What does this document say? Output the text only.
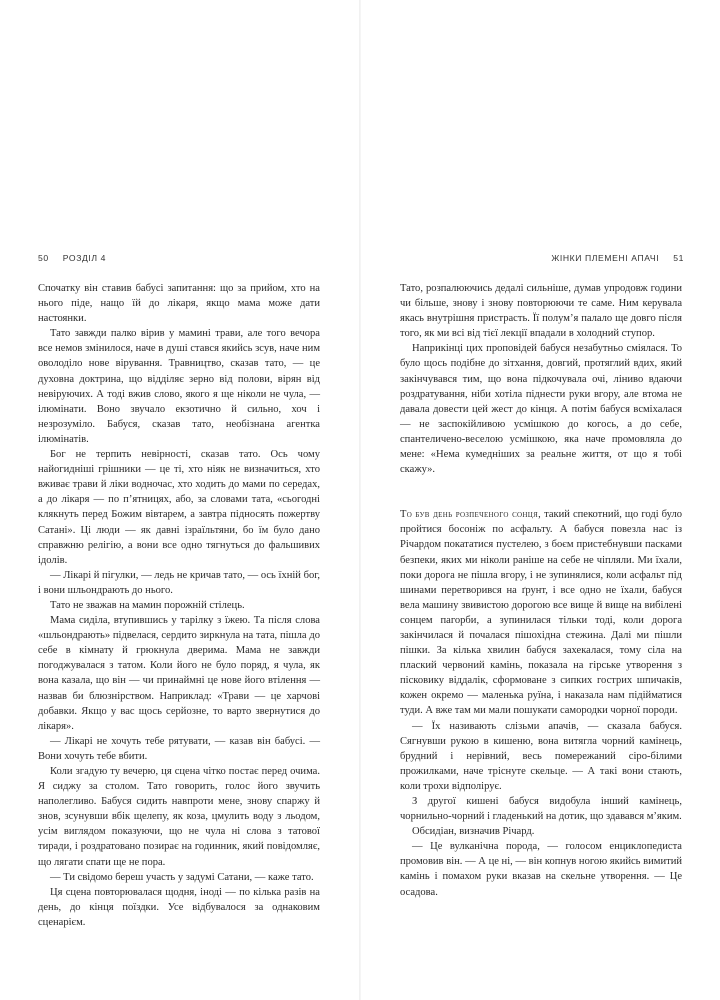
50 РОЗДІЛ 4

Спочатку він ставив бабусі запитання: що за прийом, хто на нього піде, нащо їй до лікаря, якщо мама може дати настоянки.

Тато завжди палко вірив у мамині трави, але того вечора все немов змінилося, наче в душі стався якийсь зсув, наче ним оволоділо нове вірування. Травництво, сказав тато, — це духовна доктрина, що відділяє зерно від полови, вірян від невіруючих. А тоді вжив слово, якого я ще ніколи не чула, — ілюмінати. Воно звучало екзотично й сильно, хоч і незрозуміло. Бабуся, сказав тато, необізнана агентка ілюмінатів.

Бог не терпить невірності, сказав тато. Ось чому найогидніші грішники — це ті, хто ніяк не визначиться, хто вживає трави й ліки водночас, хто ходить до мами по середах, а до лікаря — по п’ятницях, або, за словами тата, «сьогодні клякнуть перед Божим вівтарем, а завтра підносять пожертву Сатані». Ці люди — як давні ізраїльтяни, бо їм було дано справжню релігію, а вони все одно тягнуться до фальшивих ідолів.

— Лікарі й пігулки, — ледь не кричав тато, — ось їхній бог, і вони шльондрають до нього.

Тато не зважав на мамин порожній стілець.

Мама сиділа, втупившись у тарілку з їжею. Та після слова «шльондрають» підвелася, сердито зиркнула на тата, пішла до себе в кімнату й грюкнула дверима. Мама не завжди погоджувалася з татом. Коли його не було поряд, я чула, як вона казала, що він — чи принаймні це нове його втілення — назвав би блюзнірством. Наприклад: «Трави — це харчові добавки. Якщо у вас щось серйозне, то варто звернутися до лікаря».

— Лікарі не хочуть тебе рятувати, — казав він бабусі. — Вони хочуть тебе вбити.

Коли згадую ту вечерю, ця сцена чітко постає перед очима. Я сиджу за столом. Тато говорить, голос його звучить наполегливо. Бабуся сидить навпроти мене, знову спаржу й знов, зсунувши вбік щелепу, як коза, цмулить воду з льодом, усім виглядом показуючи, що не чула ні слова з татової тиради, і роздратовано позирає на годинник, який повідомляє, що лягати спати ще не пора.

— Ти свідомо береш участь у задумі Сатани, — каже тато.

Ця сцена повторювалася щодня, іноді — по кілька разів на день, до кінця поїздки. Усе відбувалося за однаковим сценарієм.

ЖІНКИ ПЛЕМЕНІ АПАЧІ 51

Тато, розпалюючись дедалі сильніше, думав упродовж години чи більше, знову і знову повторюючи те саме. Ним керувала якась внутрішня пристрасть. Її полум’я палало ще довго після того, як ми всі від тієї лекції впадали в холодний ступор.

Наприкінці цих проповідей бабуся незабутньо сміялася. То було щось подібне до зітхання, довгий, протяглий вдих, який закінчувався тим, що вона підкочувала очі, ліниво вдаючи роздратування, ніби хотіла піднести руки вгору, але втома не давала довести цей жест до кінця. А потім бабуся всміхалася — не заспокійливою усмішкою до когось, а до себе, спантеличено-веселою усмішкою, яка наче промовляла до мене: «Нема кумедніших за реальне життя, от що я тобі скажу».

То був день розпеченого сонця, такий спекотний, що годі було пройтися босоніж по асфальту. А бабуся повезла нас із Річардом покататися пустелею, з боєм пристебнувши пасками безпеки, яких ми ніколи раніше на себе не чіпляли. Ми їхали, поки дорога не пішла вгору, і не зупинялися, коли асфальт під шинами перетворився на ґрунт, і все одно не їхали, бабуся вела машину звивистою дорогою все вище й вище на вибілені сонцем пагорби, а зупинилася тільки тоді, коли дорога закінчилася й почалася пішохідна стежина. Далі ми пішли пішки. За кілька хвилин бабуся захекалася, тому сіла на плаский червоний камінь, показала на гірське утворення з пісковику віддалік, сформоване з сипких гострих шпичаків, кожен окремо — маленька руїна, і наказала нам підійматися туди. А вже там ми мали пошукати самородки чорної породи.

— Їх називають слізьми апачів, — сказала бабуся. Сягнувши рукою в кишеню, вона витягла чорний камінець, брудний і нерівний, весь помережаний сіро-білими прожилками, наче тріснуте скельце. — А такі вони стають, коли трохи відполірує.

З другої кишені бабуся видобула інший камінець, чорнильно-чорний і гладенький на дотик, що здавався м’яким.

Обсидіан, визначив Річард.

— Це вулканічна порода, — голосом енциклопедиста промовив він. — А це ні, — він копнув ногою якийсь вимитий камінь і помахом руки вказав на скельне утворення. — Це осадова.
